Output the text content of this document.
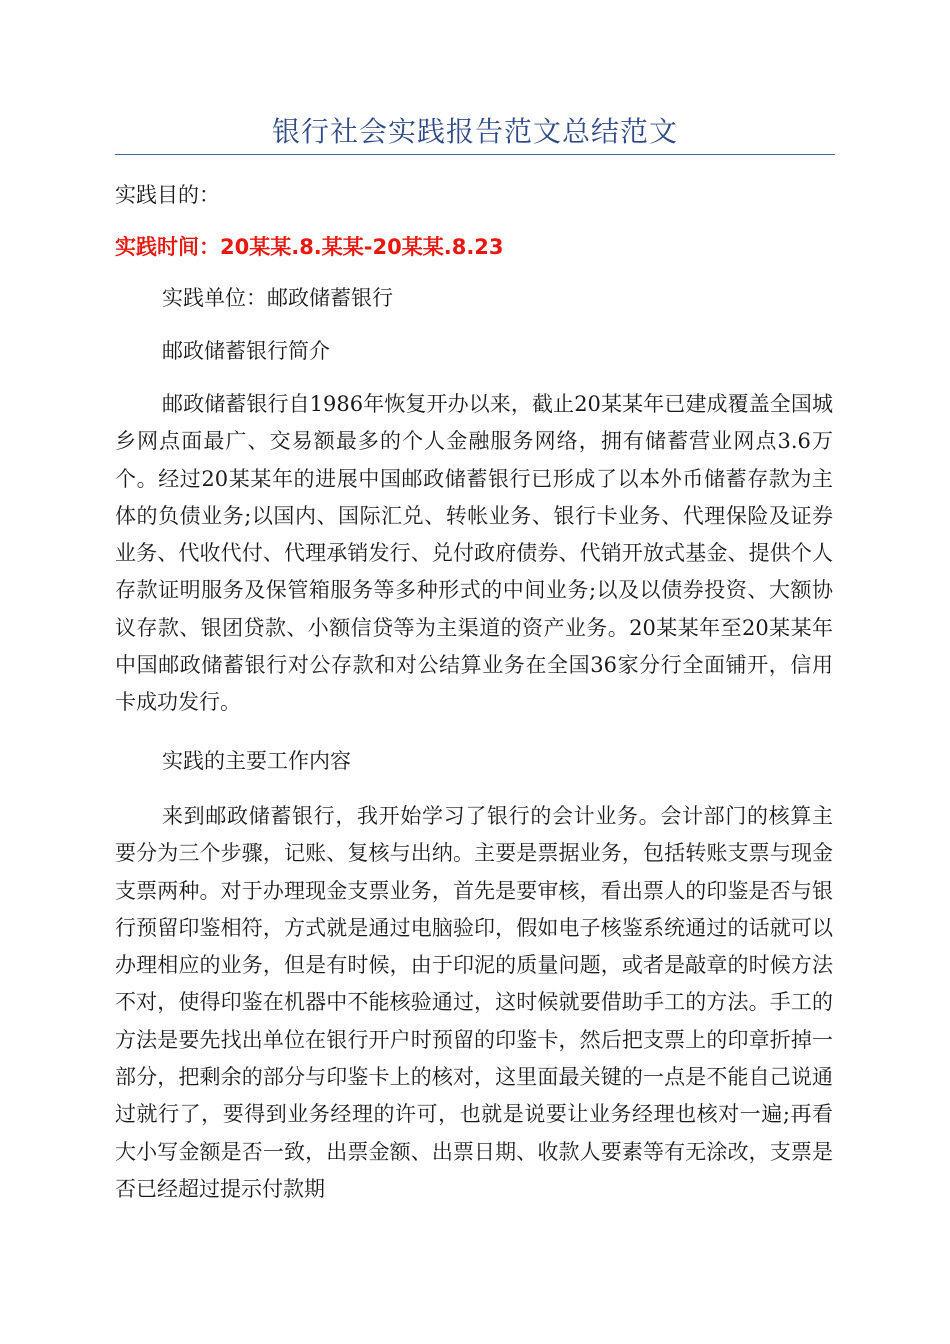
银行社会实践报告范文总结范文
实践目的：
实践时间：20某某.8.某某-20某某.8.23
实践单位：邮政储蓄银行
邮政储蓄银行简介

邮政储蓄银行自1986年恢复开办以来，截止20某某年已建成覆盖全国城乡网点面最广、交易额最多的个人金融服务网络，拥有储蓄营业网点3.6万个。经过20某某年的进展中国邮政储蓄银行已形成了以本外币储蓄存款为主体的负债业务;以国内、国际汇兑、转帐业务、银行卡业务、代理保险及证券业务、代收代付、代理承销发行、兑付政府债券、代销开放式基金、提供个人存款证明服务及保管箱服务等多种形式的中间业务;以及以债券投资、大额协议存款、银团贷款、小额信贷等为主渠道的资产业务。20某某年至20某某年中国邮政储蓄银行对公存款和对公结算业务在全国36家分行全面铺开，信用卡成功发行。

实践的主要工作内容

来到邮政储蓄银行，我开始学习了银行的会计业务。会计部门的核算主要分为三个步骤，记账、复核与出纳。主要是票据业务，包括转账支票与现金支票两种。对于办理现金支票业务，首先是要审核，看出票人的印鉴是否与银行预留印鉴相符，方式就是通过电脑验印，假如电子核鉴系统通过的话就可以办理相应的业务，但是有时候，由于印泥的质量问题，或者是敲章的时候方法不对，使得印鉴在机器中不能核验通过，这时候就要借助手工的方法。手工的方法是要先找出单位在银行开户时预留的印鉴卡，然后把支票上的印章折掉一部分，把剩余的部分与印鉴卡上的核对，这里面最关键的一点是不能自己说通过就行了，要得到业务经理的许可，也就是说要让业务经理也核对一遍;再看大小写金额是否一致，出票金额、出票日期、收款人要素等有无涂改，支票是否已经超过提示付款期
